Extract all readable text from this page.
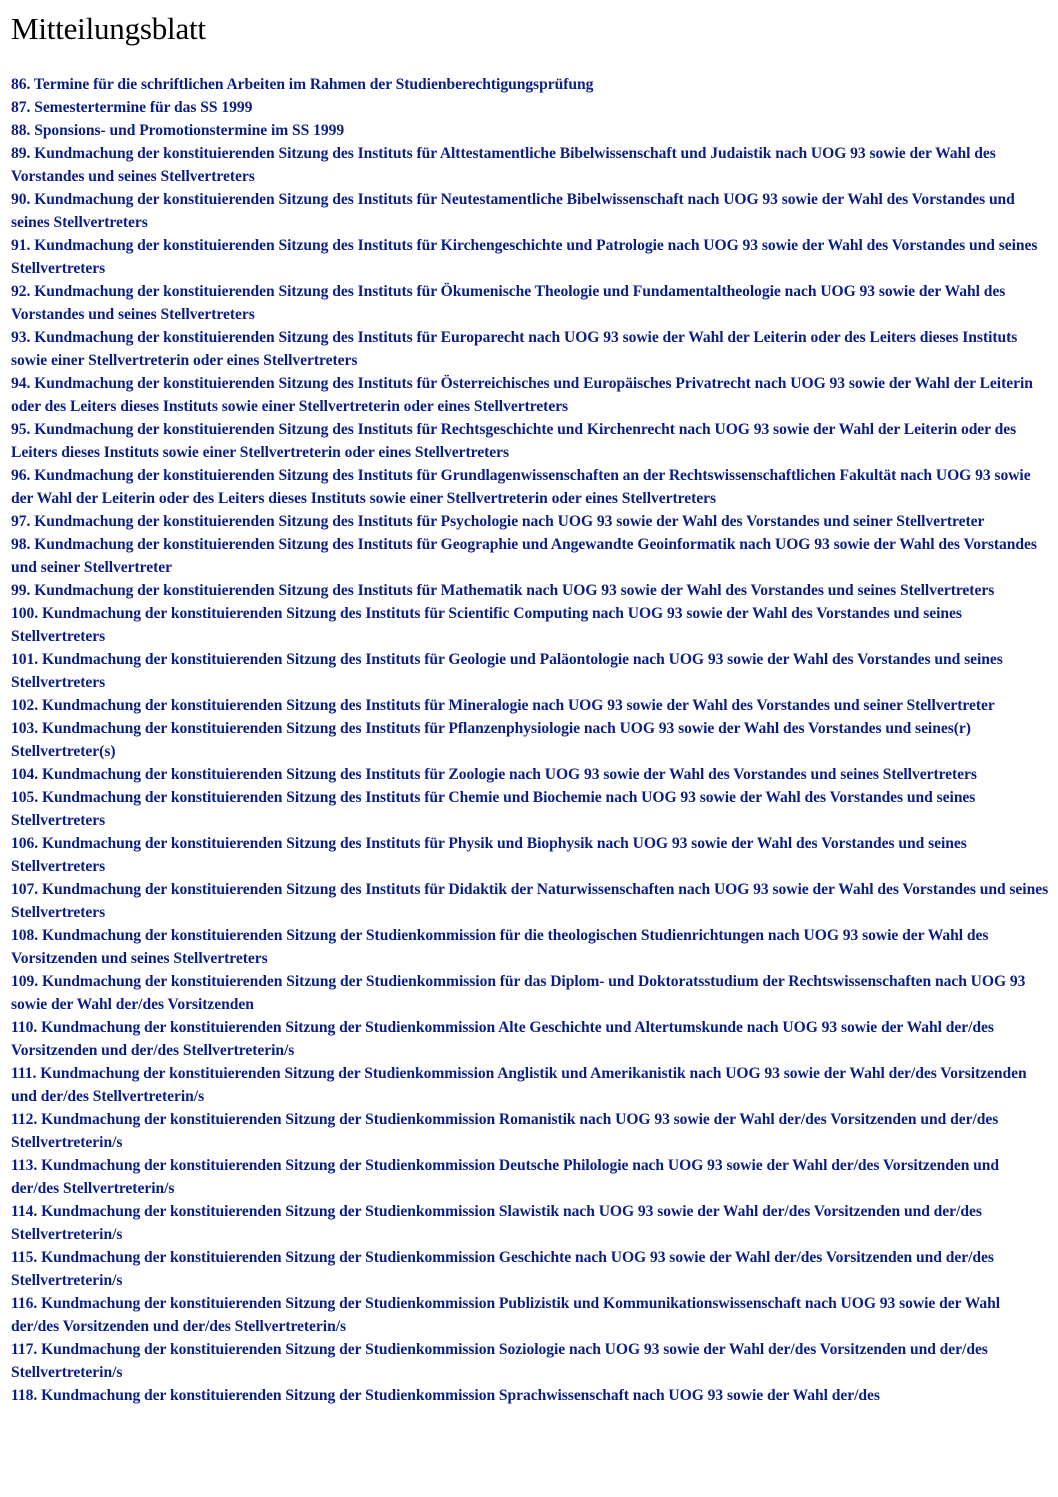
Mitteilungsblatt
86. Termine für die schriftlichen Arbeiten im Rahmen der Studienberechtigungsprüfung
87. Semestertermine für das SS 1999
88. Sponsions- und Promotionstermine im SS 1999
89. Kundmachung der konstituierenden Sitzung des Instituts für Alttestamentliche Bibelwissenschaft und Judaistik nach UOG 93 sowie der Wahl des Vorstandes und seines Stellvertreters
90. Kundmachung der konstituierenden Sitzung des Instituts für Neutestamentliche Bibelwissenschaft nach UOG 93 sowie der Wahl des Vorstandes und seines Stellvertreters
91. Kundmachung der konstituierenden Sitzung des Instituts für Kirchengeschichte und Patrologie nach UOG 93 sowie der Wahl des Vorstandes und seines Stellvertreters
92. Kundmachung der konstituierenden Sitzung des Instituts für Ökumenische Theologie und Fundamentaltheologie nach UOG 93 sowie der Wahl des Vorstandes und seines Stellvertreters
93. Kundmachung der konstituierenden Sitzung des Instituts für Europarecht nach UOG 93 sowie der Wahl der Leiterin oder des Leiters dieses Instituts sowie einer Stellvertreterin oder eines Stellvertreters
94. Kundmachung der konstituierenden Sitzung des Instituts für Österreichisches und Europäisches Privatrecht nach UOG 93 sowie der Wahl der Leiterin oder des Leiters dieses Instituts sowie einer Stellvertreterin oder eines Stellvertreters
95. Kundmachung der konstituierenden Sitzung des Instituts für Rechtsgeschichte und Kirchenrecht nach UOG 93 sowie der Wahl der Leiterin oder des Leiters dieses Instituts sowie einer Stellvertreterin oder eines Stellvertreters
96. Kundmachung der konstituierenden Sitzung des Instituts für Grundlagenwissenschaften an der Rechtswissenschaftlichen Fakultät nach UOG 93 sowie der Wahl der Leiterin oder des Leiters dieses Instituts sowie einer Stellvertreterin oder eines Stellvertreters
97. Kundmachung der konstituierenden Sitzung des Instituts für Psychologie nach UOG 93 sowie der Wahl des Vorstandes und seiner Stellvertreter
98. Kundmachung der konstituierenden Sitzung des Instituts für Geographie und Angewandte Geoinformatik nach UOG 93 sowie der Wahl des Vorstandes und seiner Stellvertreter
99. Kundmachung der konstituierenden Sitzung des Instituts für Mathematik nach UOG 93 sowie der Wahl des Vorstandes und seines Stellvertreters
100. Kundmachung der konstituierenden Sitzung des Instituts für Scientific Computing nach UOG 93 sowie der Wahl des Vorstandes und seines Stellvertreters
101. Kundmachung der konstituierenden Sitzung des Instituts für Geologie und Paläontologie nach UOG 93 sowie der Wahl des Vorstandes und seines Stellvertreters
102. Kundmachung der konstituierenden Sitzung des Instituts für Mineralogie nach UOG 93 sowie der Wahl des Vorstandes und seiner Stellvertreter
103. Kundmachung der konstituierenden Sitzung des Instituts für Pflanzenphysiologie nach UOG 93 sowie der Wahl des Vorstandes und seines(r) Stellvertreter(s)
104. Kundmachung der konstituierenden Sitzung des Instituts für Zoologie nach UOG 93 sowie der Wahl des Vorstandes und seines Stellvertreters
105. Kundmachung der konstituierenden Sitzung des Instituts für Chemie und Biochemie nach UOG 93 sowie der Wahl des Vorstandes und seines Stellvertreters
106. Kundmachung der konstituierenden Sitzung des Instituts für Physik und Biophysik nach UOG 93 sowie der Wahl des Vorstandes und seines Stellvertreters
107. Kundmachung der konstituierenden Sitzung des Instituts für Didaktik der Naturwissenschaften nach UOG 93 sowie der Wahl des Vorstandes und seines Stellvertreters
108. Kundmachung der konstituierenden Sitzung der Studienkommission für die theologischen Studienrichtungen nach UOG 93 sowie der Wahl des Vorsitzenden und seines Stellvertreters
109. Kundmachung der konstituierenden Sitzung der Studienkommission für das Diplom- und Doktoratsstudium der Rechtswissenschaften nach UOG 93 sowie der Wahl der/des Vorsitzenden
110. Kundmachung der konstituierenden Sitzung der Studienkommission Alte Geschichte und Altertumskunde nach UOG 93 sowie der Wahl der/des Vorsitzenden und der/des Stellvertreterin/s
111. Kundmachung der konstituierenden Sitzung der Studienkommission Anglistik und Amerikanistik nach UOG 93 sowie der Wahl der/des Vorsitzenden und der/des Stellvertreterin/s
112. Kundmachung der konstituierenden Sitzung der Studienkommission Romanistik nach UOG 93 sowie der Wahl der/des Vorsitzenden und der/des Stellvertreterin/s
113. Kundmachung der konstituierenden Sitzung der Studienkommission Deutsche Philologie nach UOG 93 sowie der Wahl der/des Vorsitzenden und der/des Stellvertreterin/s
114. Kundmachung der konstituierenden Sitzung der Studienkommission Slawistik nach UOG 93 sowie der Wahl der/des Vorsitzenden und der/des Stellvertreterin/s
115. Kundmachung der konstituierenden Sitzung der Studienkommission Geschichte nach UOG 93 sowie der Wahl der/des Vorsitzenden und der/des Stellvertreterin/s
116. Kundmachung der konstituierenden Sitzung der Studienkommission Publizistik und Kommunikationswissenschaft nach UOG 93 sowie der Wahl der/des Vorsitzenden und der/des Stellvertreterin/s
117. Kundmachung der konstituierenden Sitzung der Studienkommission Soziologie nach UOG 93 sowie der Wahl der/des Vorsitzenden und der/des Stellvertreterin/s
118. Kundmachung der konstituierenden Sitzung der Studienkommission Sprachwissenschaft nach UOG 93 sowie der Wahl der/des
